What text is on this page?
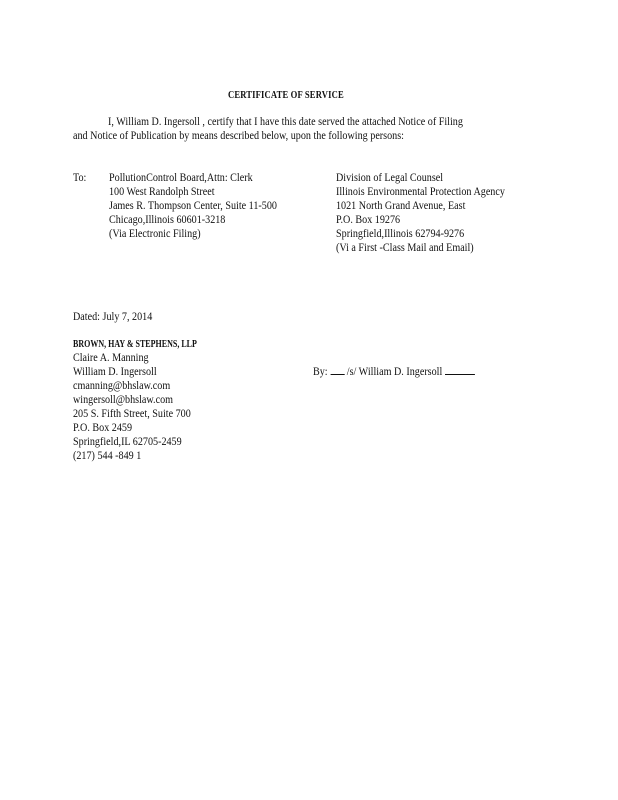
CERTIFICATE OF SERVICE
I, William D. Ingersoll , certify that I have this date served the attached Notice of Filing
and Notice of Publication by means described below, upon the following persons:
To: PollutionControl Board,Attn: Clerk
100 West Randolph Street
James R. Thompson Center, Suite 11-500
Chicago,Illinois 60601-3218
(Via Electronic Filing)
Division of Legal Counsel
Illinois Environmental Protection Agency
1021 North Grand Avenue, East
P.O. Box 19276
Springfield,Illinois 62794-9276
(Vi a First -Class Mail and Email)
Dated: July 7, 2014
BROWN, HAY & STEPHENS, LLP
Claire A. Manning
William D. Ingersoll
cmanning@bhslaw.com
wingersoll@bhslaw.com
205 S. Fifth Street, Suite 700
P.O. Box 2459
Springfield,IL 62705-2459
(217) 544 -849 1
By: /s/ William D. Ingersoll
